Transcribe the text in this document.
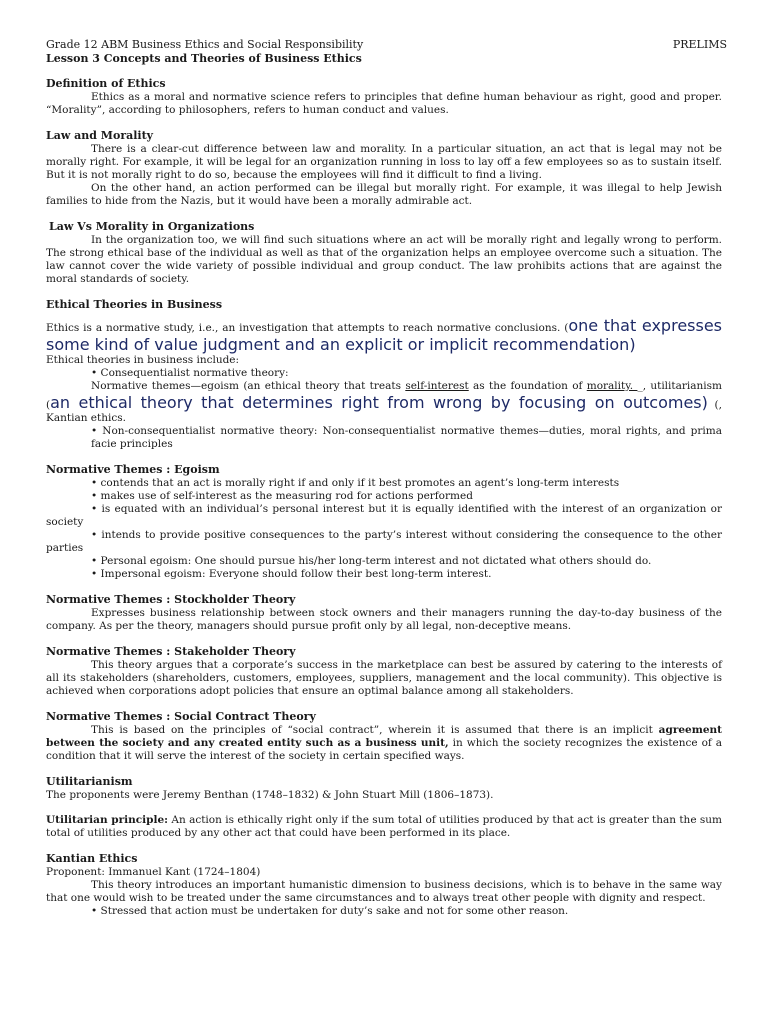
Grade 12 ABM Business Ethics and Social Responsibility	PRELIMS
Lesson 3 Concepts and Theories of Business Ethics
Definition of Ethics

Ethics as a moral and normative science refers to principles that define human behaviour as right, good and proper. “Morality”, according to philosophers, refers to human conduct and values.

Law and Morality

There is a clear-cut difference between law and morality. In a particular situation, an act that is legal may not be morally right. For example, it will be legal for an organization running in loss to lay off a few employees so as to sustain itself. But it is not morally right to do so, because the employees will find it difficult to find a living.

On the other hand, an action performed can be illegal but morally right. For example, it was illegal to help Jewish families to hide from the Nazis, but it would have been a morally admirable act.

Law Vs Morality in Organizations

In the organization too, we will find such situations where an act will be morally right and legally wrong to perform. The strong ethical base of the individual as well as that of the organization helps an employee overcome such a situation. The law cannot cover the wide variety of possible individual and group conduct. The law prohibits actions that are against the moral standards of society.

Ethical Theories in Business

Ethics is a normative study, i.e., an investigation that attempts to reach normative conclusions. (one that expresses some kind of value judgment and an explicit or implicit recommendation)

Ethical theories in business include:
• Consequentialist normative theory:

Normative themes—egoism (an ethical theory that treats self-interest as the foundation of morality. _, utilitarianism (an ethical theory that determines right from wrong by focusing on outcomes) (, Kantian ethics.

• Non-consequentialist normative theory: Non-consequentialist normative themes—duties, moral rights, and prima facie principles
Normative Themes : Egoism
• contends that an act is morally right if and only if it best promotes an agent’s long-term interests
• makes use of self-interest as the measuring rod for actions performed
• is equated with an individual’s personal interest but it is equally identified with the interest of an organization or society
• intends to provide positive consequences to the party’s interest without considering the consequence to the other parties
• Personal egoism: One should pursue his/her long-term interest and not dictated what others should do.
• Impersonal egoism: Everyone should follow their best long-term interest.
Normative Themes : Stockholder Theory

Expresses business relationship between stock owners and their managers running the day-to-day business of the company. As per the theory, managers should pursue profit only by all legal, non-deceptive means.

Normative Themes : Stakeholder Theory

This theory argues that a corporate’s success in the marketplace can best be assured by catering to the interests of all its stakeholders (shareholders, customers, employees, suppliers, management and the local community). This objective is achieved when corporations adopt policies that ensure an optimal balance among all stakeholders.

Normative Themes : Social Contract Theory

This is based on the principles of “social contract”, wherein it is assumed that there is an implicit agreement between the society and any created entity such as a business unit, in which the society recognizes the existence of a condition that it will serve the interest of the society in certain specified ways.

Utilitarianism
The proponents were Jeremy Benthan (1748–1832) & John Stuart Mill (1806–1873).

Utilitarian principle: An action is ethically right only if the sum total of utilities produced by that act is greater than the sum total of utilities produced by any other act that could have been performed in its place.

Kantian Ethics
Proponent: Immanuel Kant (1724–1804)

This theory introduces an important humanistic dimension to business decisions, which is to behave in the same way that one would wish to be treated under the same circumstances and to always treat other people with dignity and respect.

• Stressed that action must be undertaken for duty’s sake and not for some other reason.
